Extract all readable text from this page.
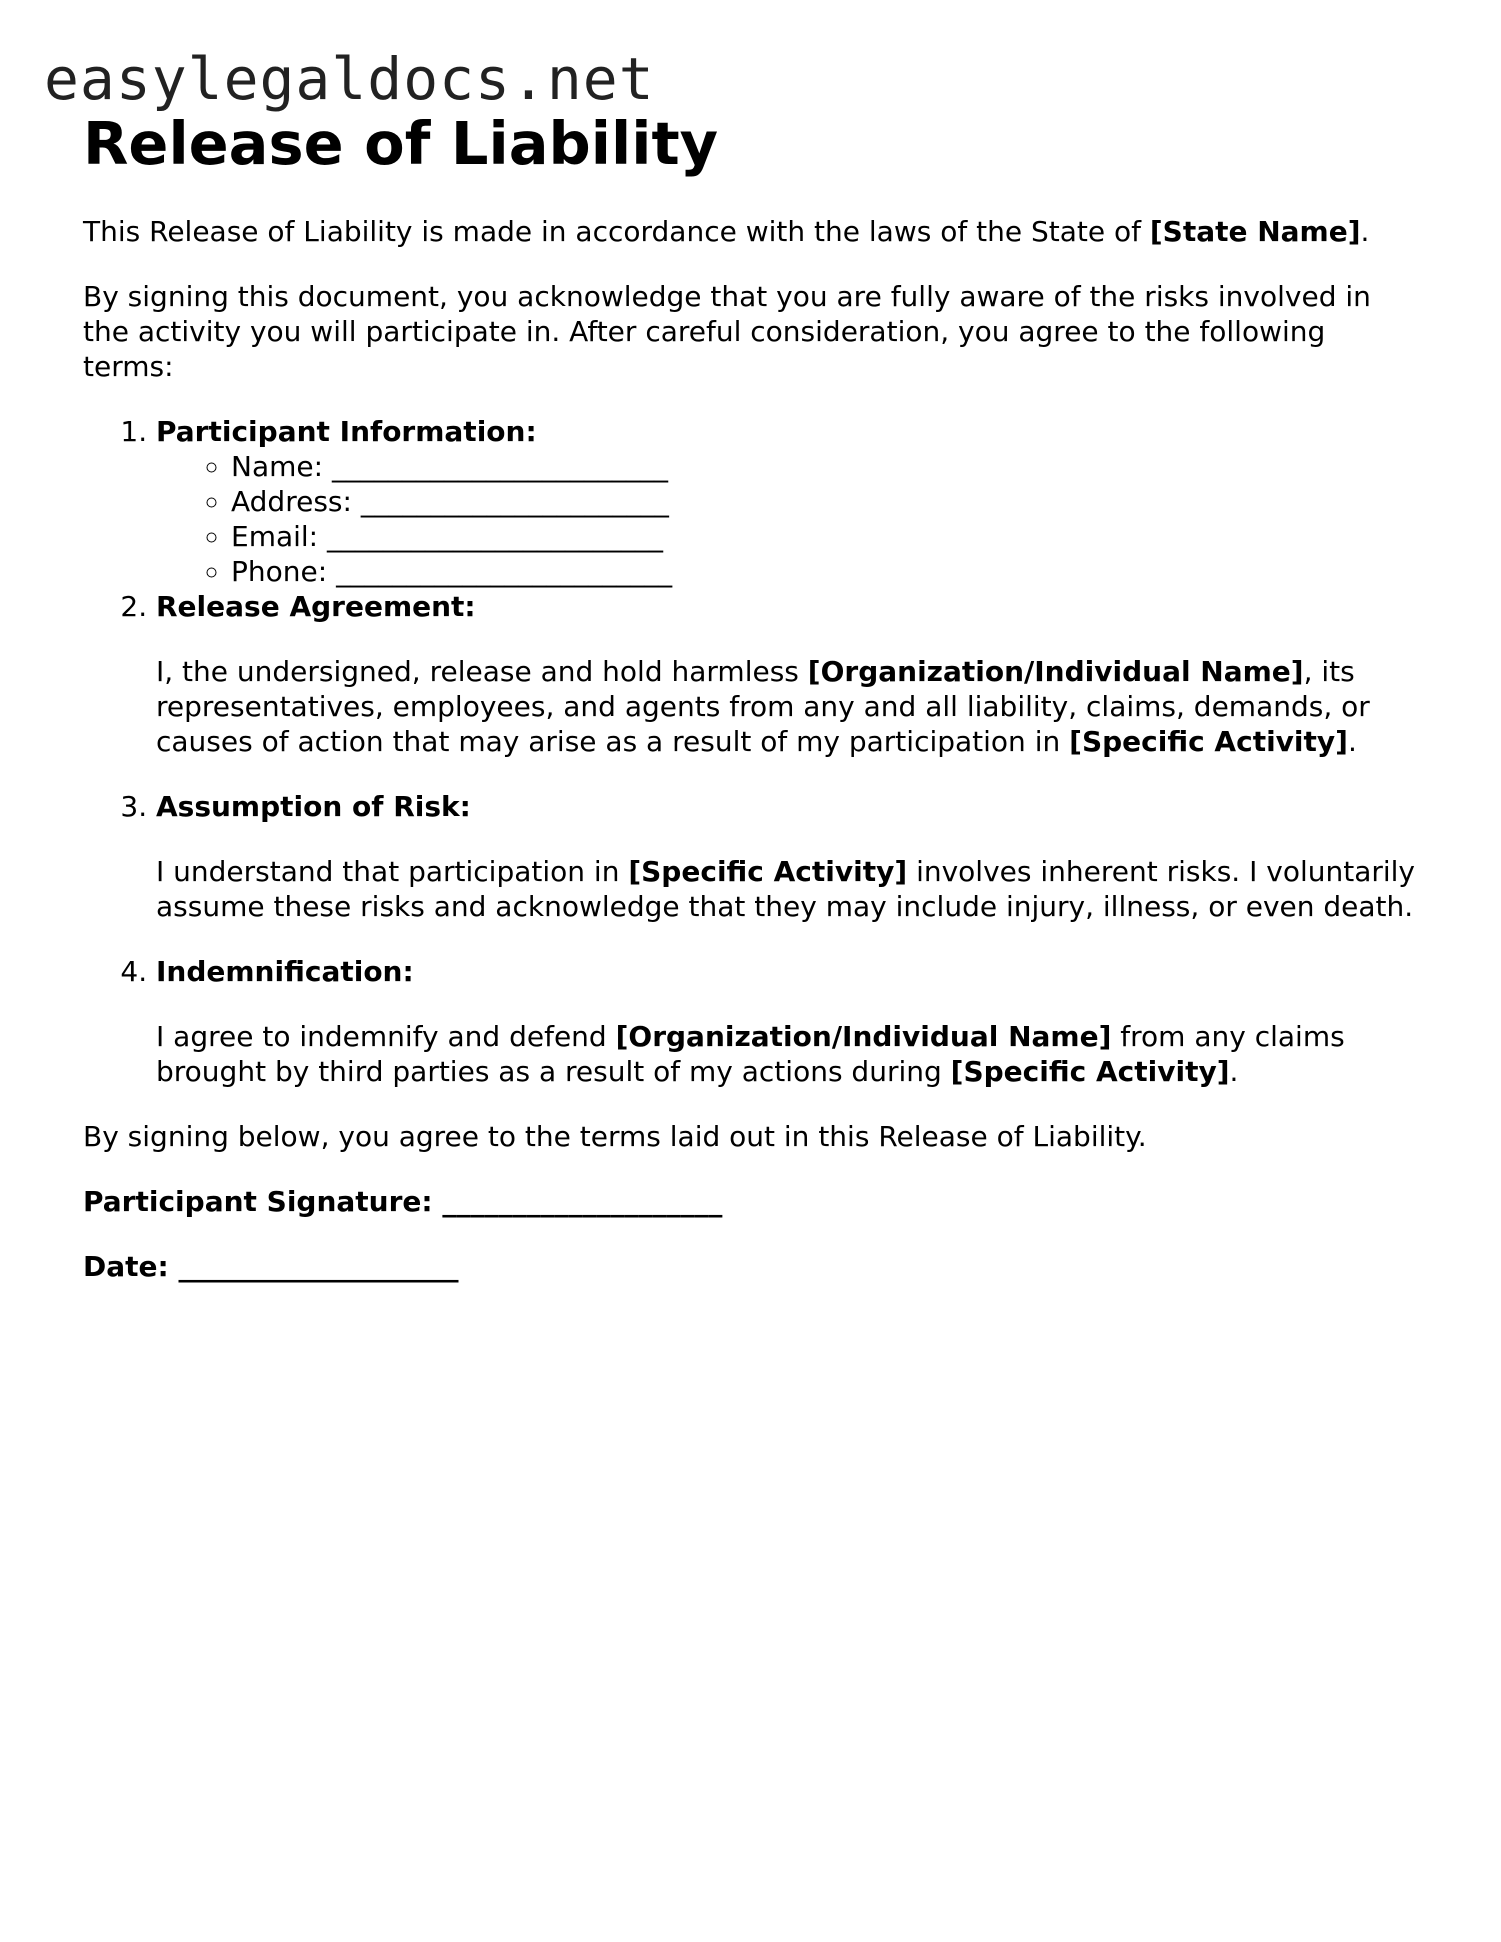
easylegaldocs.net
Release of Liability

This Release of Liability is made in accordance with the laws of the State of [State Name].

By signing this document, you acknowledge that you are fully aware of the risks involved in the activity you will participate in. After careful consideration, you agree to the following terms:

1. Participant Information:
◦ Name: ________________________
◦ Address: ______________________
◦ Email: ________________________
◦ Phone: ________________________
2. Release Agreement:

I, the undersigned, release and hold harmless [Organization/Individual Name], its representatives, employees, and agents from any and all liability, claims, demands, or causes of action that may arise as a result of my participation in [Specific Activity].

3. Assumption of Risk:

I understand that participation in [Specific Activity] involves inherent risks. I voluntarily assume these risks and acknowledge that they may include injury, illness, or even death.

4. Indemnification:

I agree to indemnify and defend [Organization/Individual Name] from any claims brought by third parties as a result of my actions during [Specific Activity].

By signing below, you agree to the terms laid out in this Release of Liability.

Participant Signature: ____________________

Date: ____________________
